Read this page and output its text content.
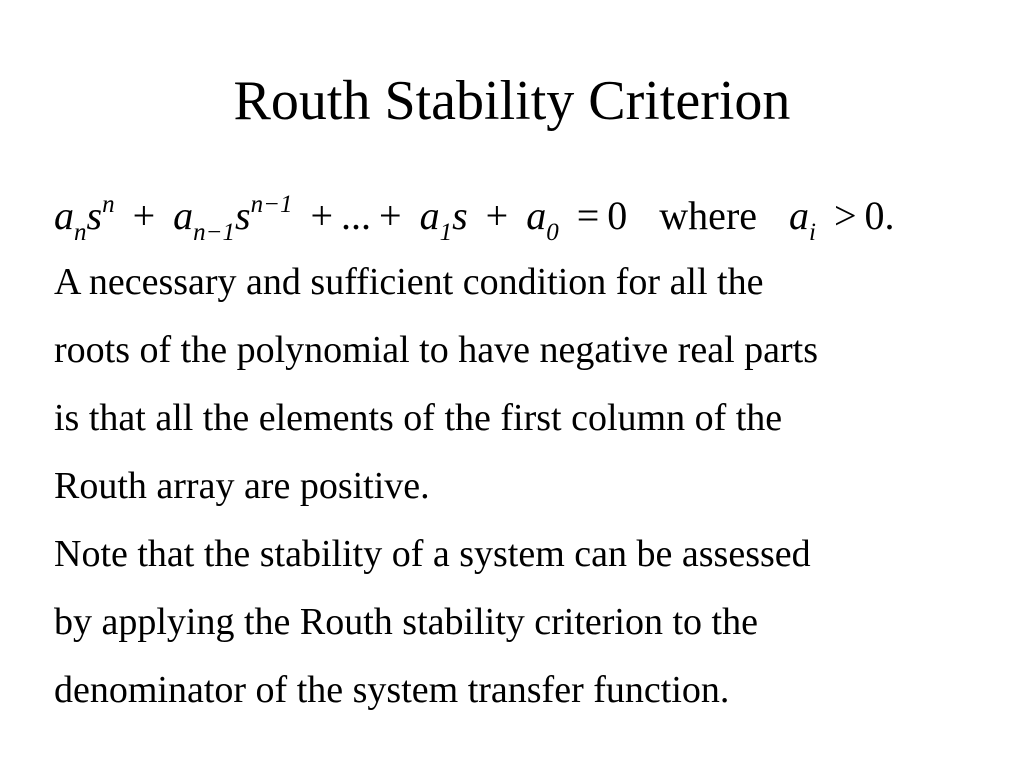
Routh Stability Criterion
$a_ns^n + a_{n-1}s^{n-1}$ + ... + $a_1s + a_0 = 0$ where $a_i > 0$.
A necessary and sufficient condition for all the
roots of the polynomial to have negative real parts
is that all the elements of the first column of the
Routh array are positive.
Note that the stability of a system can be assessed
by applying the Routh stability criterion to the
denominator of the system transfer function.
